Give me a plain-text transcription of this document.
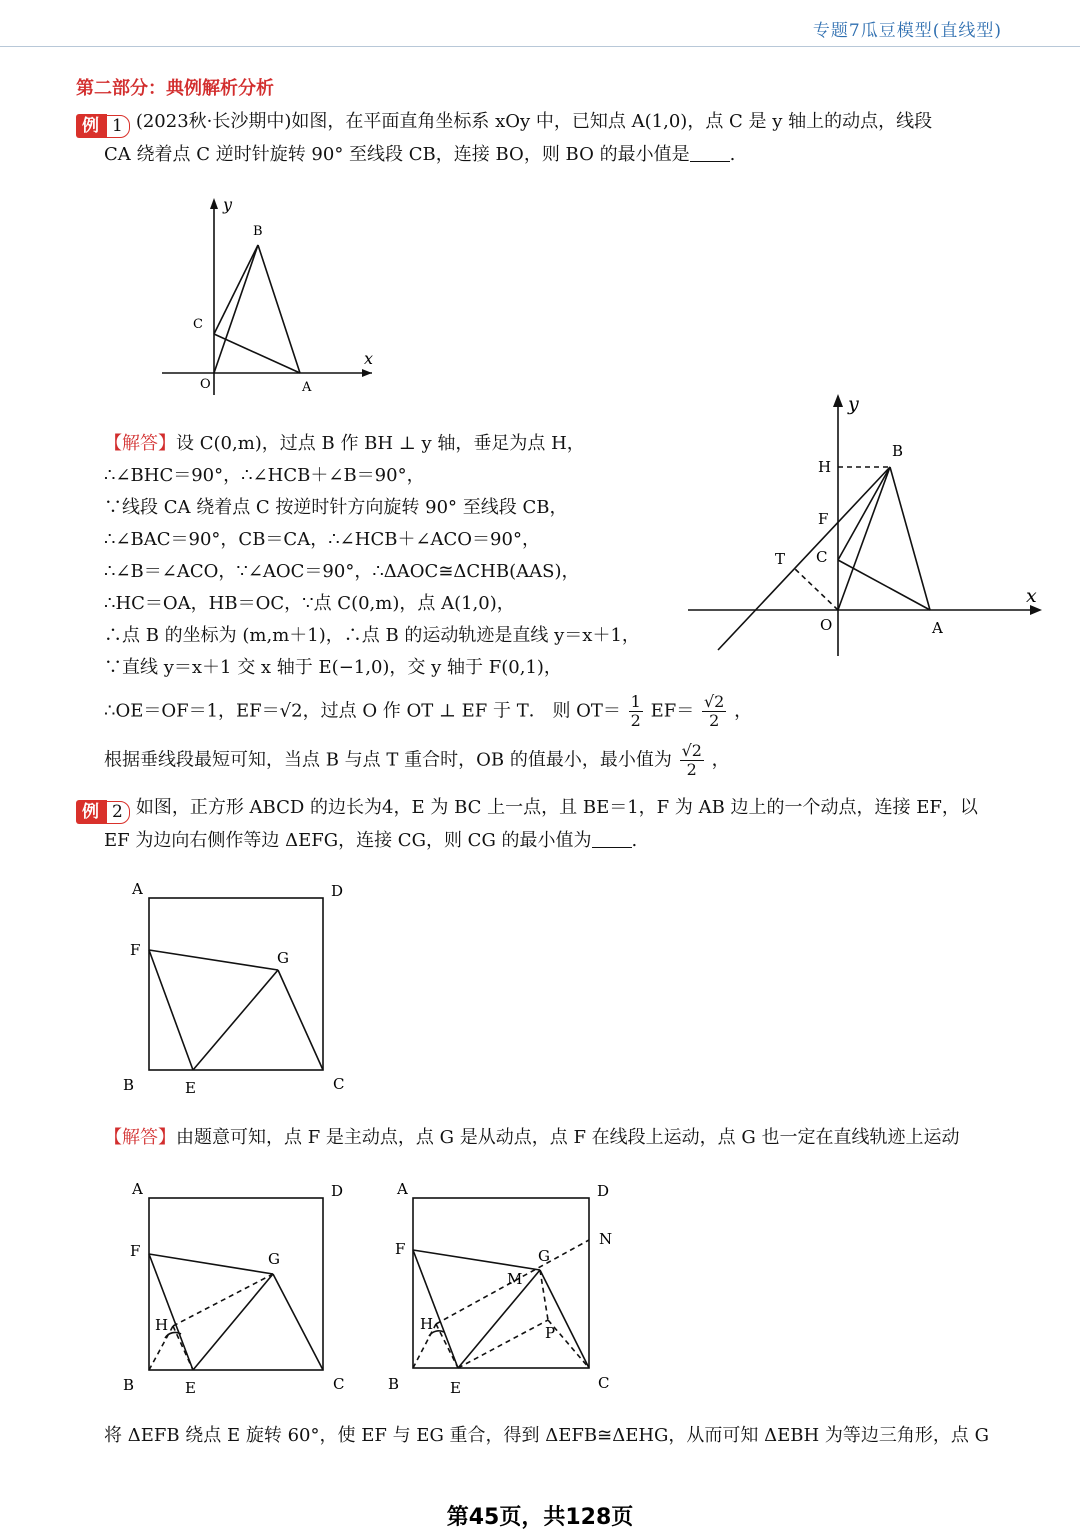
专题7瓜豆模型(直线型)
第二部分：典例解析分析
例 1 (2023秋·长沙期中)如图，在平面直角坐标系 xOy 中，已知点 A(1,0)，点 C 是 y 轴上的动点，线段
CA 绕着点 C 逆时针旋转 90° 至线段 CB，连接 BO，则 BO 的最小值是 .
y
x
B
C
O	A
y
x
H
B
F
C
T
O	A
【解答】设 C(0,m)，过点 B 作 BH ⊥ y 轴，垂足为点 H，
∴∠BHC＝90°，∴∠HCB＋∠B＝90°，
∵线段 CA 绕着点 C 按逆时针方向旋转 90° 至线段 CB，
∴∠BAC＝90°，CB＝CA，∴∠HCB＋∠ACO＝90°，
∴∠B＝∠ACO，∵∠AOC＝90°，∴ΔAOC≅ΔCHB(AAS)，
∴HC＝OA，HB＝OC，∵点 C(0,m)，点 A(1,0)，
∴点 B 的坐标为 (m,m＋1)，∴点 B 的运动轨迹是直线 y＝x＋1，
∵直线 y＝x＋1 交 x 轴于 E(−1,0)，交 y 轴于 F(0,1)，
∴OE＝OF＝1，EF＝√2，过点 O 作 OT ⊥ EF 于 T． 则 $OT= \frac{1}{2} EF= \frac{√2}{2}$ ，
根据垂线段最短可知，当点 B 与点 T 重合时，OB 的值最小，最小值为 $\frac{√2}{2}$ ，
例 2 如图，正方形 ABCD 的边长为4，E 为 BC 上一点，且 BE＝1，F 为 AB 边上的一个动点，连接 EF，以
EF 为边向右侧作等边 ΔEFG，连接 CG，则 CG 的最小值为 .
A	D
F	G
B	E	C
【解答】由题意可知，点 F 是主动点，点 G 是从动点，点 F 在线段上运动，点 G 也一定在直线轨迹上运动
A	D
F	G
H
B	E	C
A	D
F	G
N
M
H	P
B	E	C
将 ΔEFB 绕点 E 旋转 60°，使 EF 与 EG 重合，得到 ΔEFB≅ΔEHG，从而可知 ΔEBH 为等边三角形，点 G
第45页，共128页
